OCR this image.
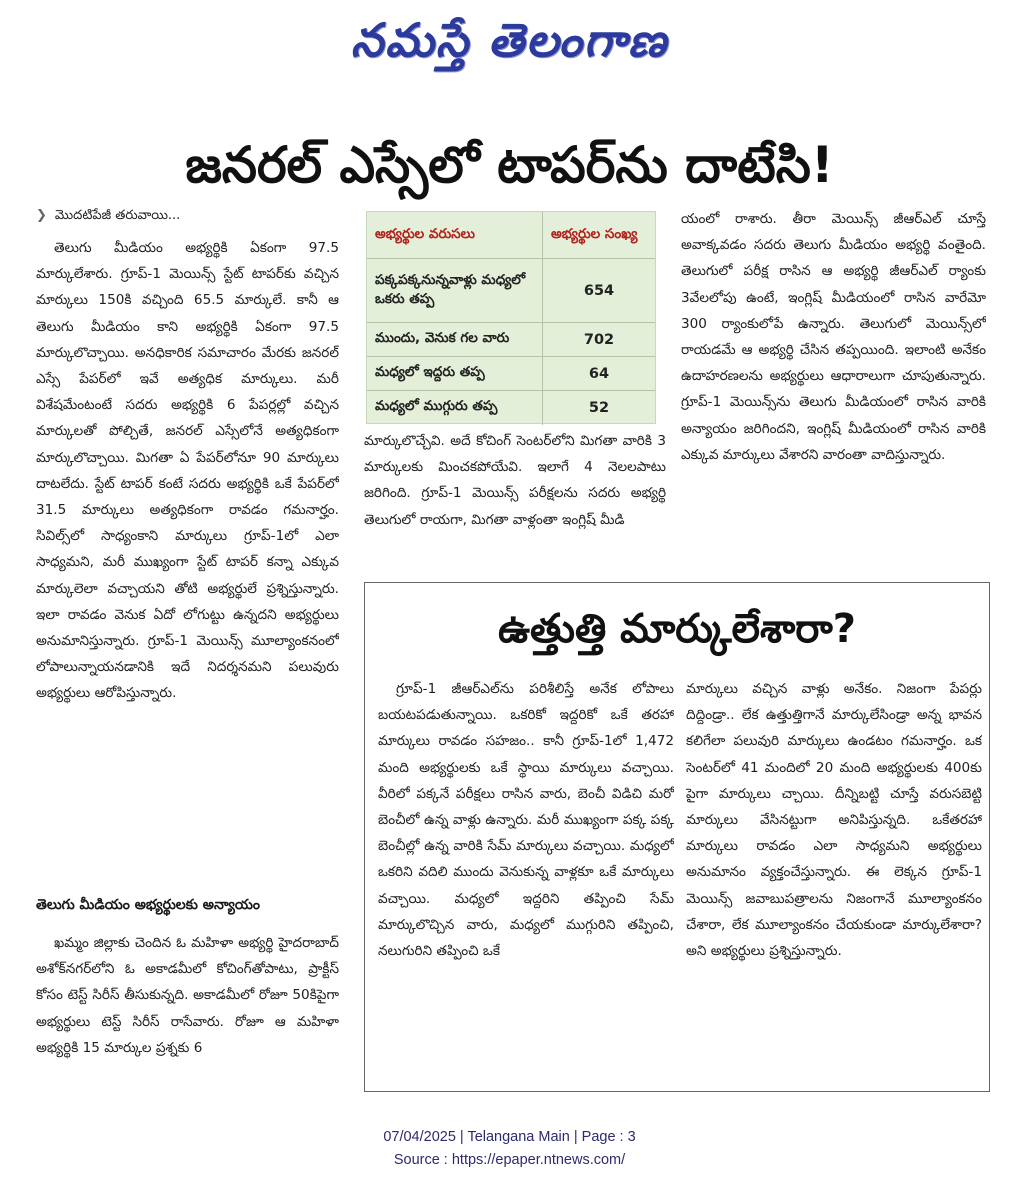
నమస్తే తెలంగాణ
జనరల్ ఎస్సేలో టాపర్‌ను దాటేసి!
❯ మొదటిపేజీ తరువాయి...

తెలుగు మీడియం అభ్యర్థికి ఏకంగా 97.5 మార్కులేశారు. గ్రూప్-1 మెయిన్స్ స్టేట్ టాపర్‌కు వచ్చిన మార్కులు 150కి వచ్చింది 65.5 మార్కులే. కానీ ఆ తెలుగు మీడియం కాని అభ్యర్థికి ఏకంగా 97.5 మార్కులొచ్చాయి. అనధికారిక సమాచారం మేరకు జనరల్ ఎస్సే పేపర్‌లో ఇవే అత్యధిక మార్కులు. మరీ విశేషమేంటంటే సదరు అభ్యర్థికి 6 పేపర్లల్లో వచ్చిన మార్కులతో పోల్చితే, జనరల్ ఎస్సేలోనే అత్యధికంగా మార్కులొచ్చాయి. మిగతా ఏ పేపర్‌లోనూ 90 మార్కులు దాటలేదు. స్టేట్ టాపర్ కంటే సదరు అభ్యర్థికి ఒకే పేపర్‌లో 31.5 మార్కులు అత్యధికంగా రావడం గమనార్హం. సివిల్స్‌లో సాధ్యంకాని మార్కులు గ్రూప్-1లో ఎలా సాధ్యమని, మరీ ముఖ్యంగా స్టేట్ టాపర్ కన్నా ఎక్కువ మార్కులెలా వచ్చాయని తోటి అభ్యర్థులే ప్రశ్నిస్తున్నారు. ఇలా రావడం వెనుక ఏదో లోగుట్టు ఉన్నదని అభ్యర్థులు అనుమానిస్తున్నారు. గ్రూప్-1 మెయిన్స్ మూల్యాంకనంలో లోపాలున్నాయనడానికి ఇదే నిదర్శనమని పలువురు అభ్యర్థులు ఆరోపిస్తున్నారు.

తెలుగు మీడియం అభ్యర్థులకు అన్యాయం

ఖమ్మం జిల్లాకు చెందిన ఓ మహిళా అభ్యర్థి హైదరాబాద్ అశోక్‌నగర్‌లోని ఓ అకాడమీలో కోచింగ్‌తోపాటు, ప్రాక్టీస్ కోసం టెస్ట్ సిరీస్ తీసుకున్నది. అకాడమీలో రోజూ 50కిపైగా అభ్యర్థులు టెస్ట్ సిరీస్ రాసేవారు. రోజూ ఆ మహిళా అభ్యర్థికి 15 మార్కుల ప్రశ్నకు 6

అభ్యర్థుల వరుసలు	అభ్యర్థుల సంఖ్య
పక్కపక్కనున్నవాళ్లు మధ్యలో ఒకరు తప్ప	654
ముందు, వెనుక గల వారు	702
మధ్యలో ఇద్దరు తప్ప	64
మధ్యలో ముగ్గురు తప్ప	52

మార్కులొచ్చేవి. అదే కోచింగ్ సెంటర్‌లోని మిగతా వారికి 3 మార్కులకు మించకపోయేవి. ఇలాగే 4 నెలలపాటు జరిగింది. గ్రూప్-1 మెయిన్స్ పరీక్షలను సదరు అభ్యర్థి తెలుగులో రాయగా, మిగతా వాళ్లంతా ఇంగ్లిష్ మీడి

యంలో రాశారు. తీరా మెయిన్స్ జీఆర్‌ఎల్ చూస్తే అవాక్కవడం సదరు తెలుగు మీడియం అభ్యర్థి వంతైంది. తెలుగులో పరీక్ష రాసిన ఆ అభ్యర్థి జీఆర్‌ఎల్ ర్యాంకు 3వేలలోపు ఉంటే, ఇంగ్లిష్ మీడియంలో రాసిన వారేమో 300 ర్యాంకులోపే ఉన్నారు. తెలుగులో మెయిన్స్‌లో రాయడమే ఆ అభ్యర్థి చేసిన తప్పయింది. ఇలాంటి అనేకం ఉదాహరణలను అభ్యర్థులు ఆధారాలుగా చూపుతున్నారు. గ్రూప్-1 మెయిన్స్‌ను తెలుగు మీడియంలో రాసిన వారికి అన్యాయం జరిగిందని, ఇంగ్లిష్ మీడియంలో రాసిన వారికి ఎక్కువ మార్కులు వేశారని వారంతా వాదిస్తున్నారు.

ఉత్తుత్తి మార్కులేశారా?

గ్రూప్-1 జీఆర్‌ఎల్‌ను పరిశీలిస్తే అనేక లోపాలు బయటపడుతున్నాయి. ఒకరికో ఇద్దరికో ఒకే తరహా మార్కులు రావడం సహజం.. కానీ గ్రూప్-1లో 1,472 మంది అభ్యర్థులకు ఒకే స్థాయి మార్కులు వచ్చాయి. వీరిలో పక్కనే పరీక్షలు రాసిన వారు, బెంచీ విడిచి మరో బెంచీలో ఉన్న వాళ్లు ఉన్నారు. మరీ ముఖ్యంగా పక్క పక్క బెంచీల్లో ఉన్న వారికి సేమ్ మార్కులు వచ్చాయి. మధ్యలో ఒకరిని వదిలి ముందు వెనుకున్న వాళ్లకూ ఒకే మార్కులు వచ్చాయి. మధ్యలో ఇద్దరిని తప్పించి సేమ్ మార్కులొచ్చిన వారు, మధ్యలో ముగ్గురిని తప్పించి, నలుగురిని తప్పించి ఒకే

మార్కులు వచ్చిన వాళ్లు అనేకం. నిజంగా పేపర్లు దిద్దిండ్రా.. లేక ఉత్తుత్తిగానే మార్కులేసిండ్రా అన్న భావన కలిగేలా పలువురి మార్కులు ఉండటం గమనార్హం. ఒక సెంటర్‌లో 41 మందిలో 20 మంది అభ్యర్థులకు 400కు పైగా మార్కులు చ్చాయి. దీన్నిబట్టి చూస్తే వరుసబెట్టి మార్కులు వేసినట్టుగా అనిపిస్తున్నది. ఒకేతరహా మార్కులు రావడం ఎలా సాధ్యమని అభ్యర్థులు అనుమానం వ్యక్తంచేస్తున్నారు. ఈ లెక్కన గ్రూప్-1 మెయిన్స్ జవాబుపత్రాలను నిజంగానే మూల్యాంకనం చేశారా, లేక మూల్యాంకనం చేయకుండా మార్కులేశారా? అని అభ్యర్థులు ప్రశ్నిస్తున్నారు.

07/04/2025 | Telangana Main | Page : 3
Source : https://epaper.ntnews.com/
